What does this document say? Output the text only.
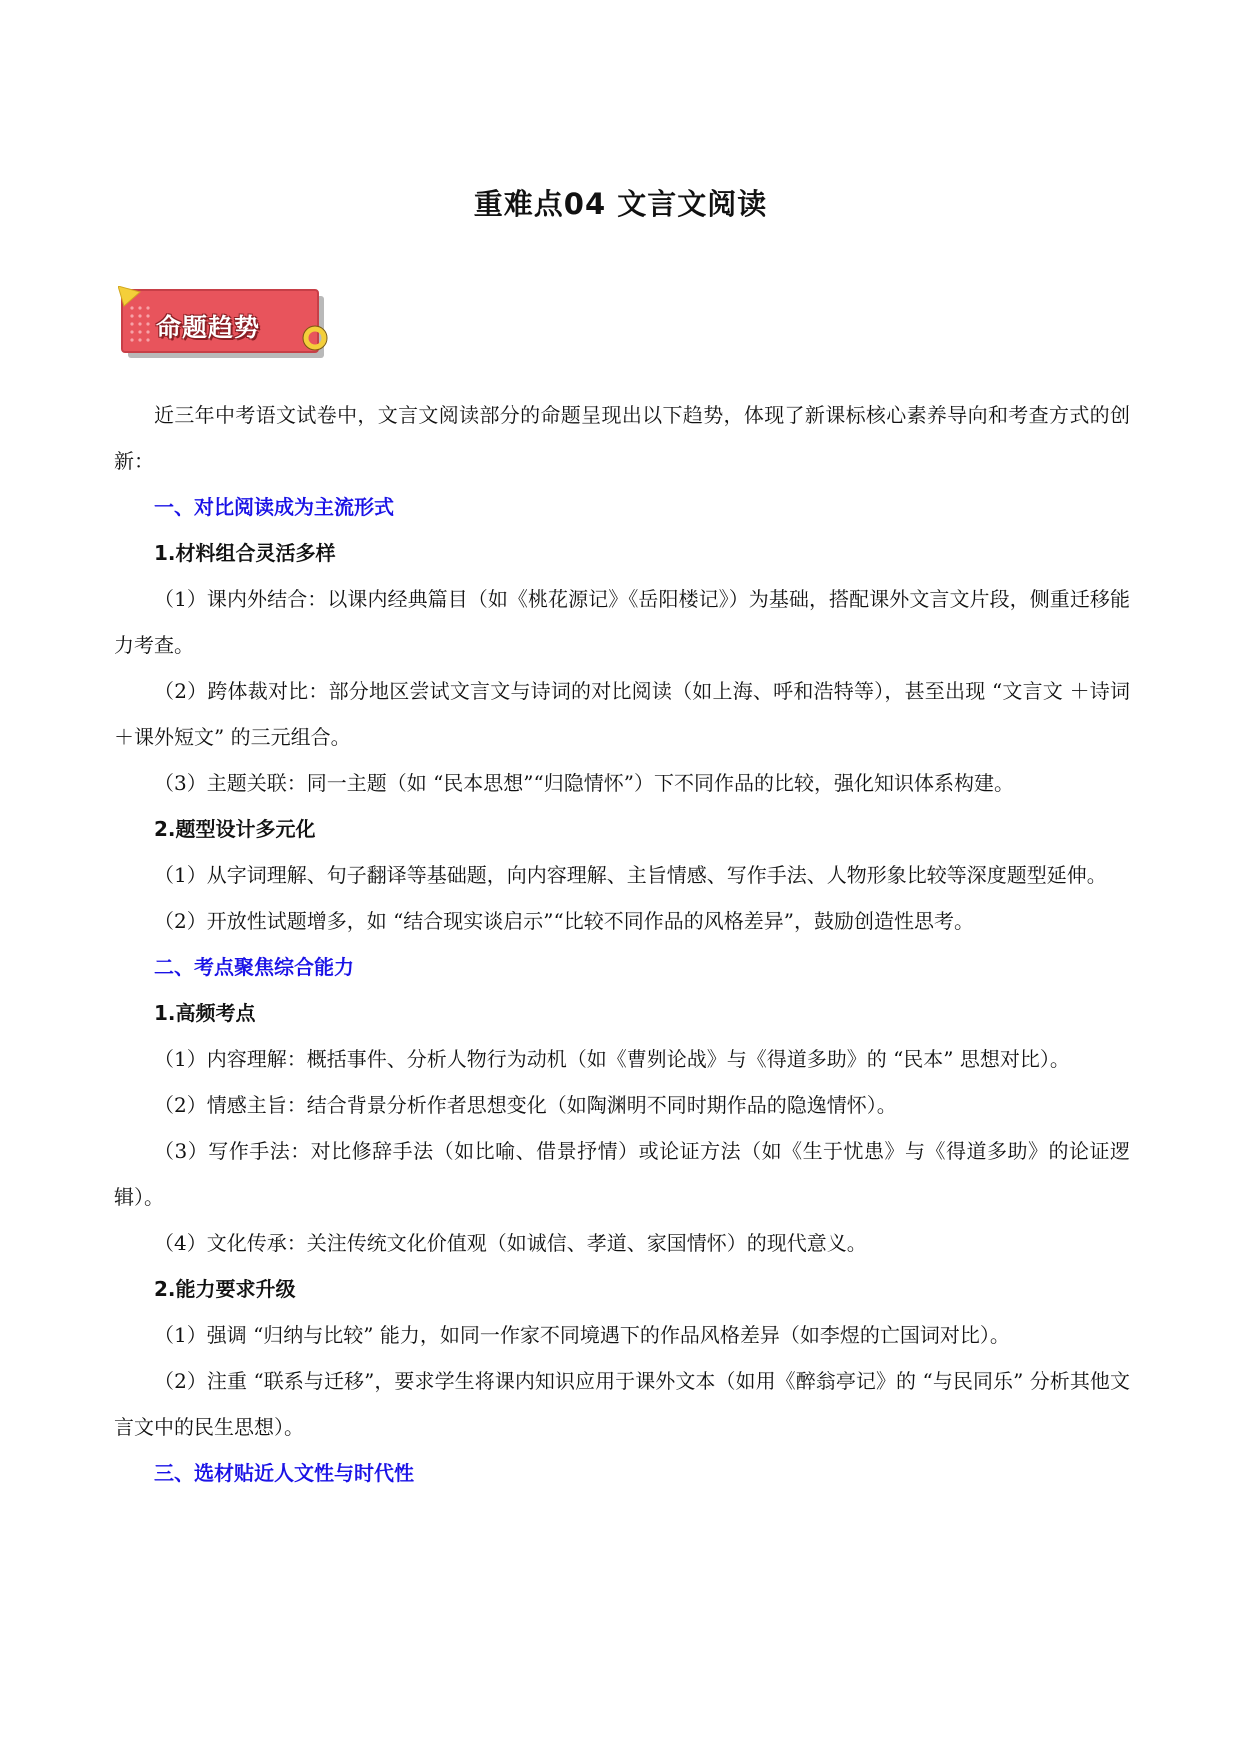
重难点04 文言文阅读
命题趋势

近三年中考语文试卷中，文言文阅读部分的命题呈现出以下趋势，体现了新课标核心素养导向和考查方式的创新：

一、对比阅读成为主流形式

1.材料组合灵活多样

（1）课内外结合：以课内经典篇目（如《桃花源记》《岳阳楼记》）为基础，搭配课外文言文片段，侧重迁移能力考查。

（2）跨体裁对比：部分地区尝试文言文与诗词的对比阅读（如上海、呼和浩特等），甚至出现 “文言文 ＋诗词 ＋课外短文” 的三元组合。

（3）主题关联：同一主题（如 “民本思想”“归隐情怀”）下不同作品的比较，强化知识体系构建。

2.题型设计多元化

（1）从字词理解、句子翻译等基础题，向内容理解、主旨情感、写作手法、人物形象比较等深度题型延伸。

（2）开放性试题增多，如 “结合现实谈启示”“比较不同作品的风格差异”，鼓励创造性思考。

二、考点聚焦综合能力

1.高频考点

（1）内容理解：概括事件、分析人物行为动机（如《曹刿论战》与《得道多助》的 “民本” 思想对比）。

（2）情感主旨：结合背景分析作者思想变化（如陶渊明不同时期作品的隐逸情怀）。

（3）写作手法：对比修辞手法（如比喻、借景抒情）或论证方法（如《生于忧患》与《得道多助》的论证逻辑）。

（4）文化传承：关注传统文化价值观（如诚信、孝道、家国情怀）的现代意义。

2.能力要求升级

（1）强调 “归纳与比较” 能力，如同一作家不同境遇下的作品风格差异（如李煜的亡国词对比）。

（2）注重 “联系与迁移”，要求学生将课内知识应用于课外文本（如用《醉翁亭记》的 “与民同乐” 分析其他文言文中的民生思想）。

三、选材贴近人文性与时代性
